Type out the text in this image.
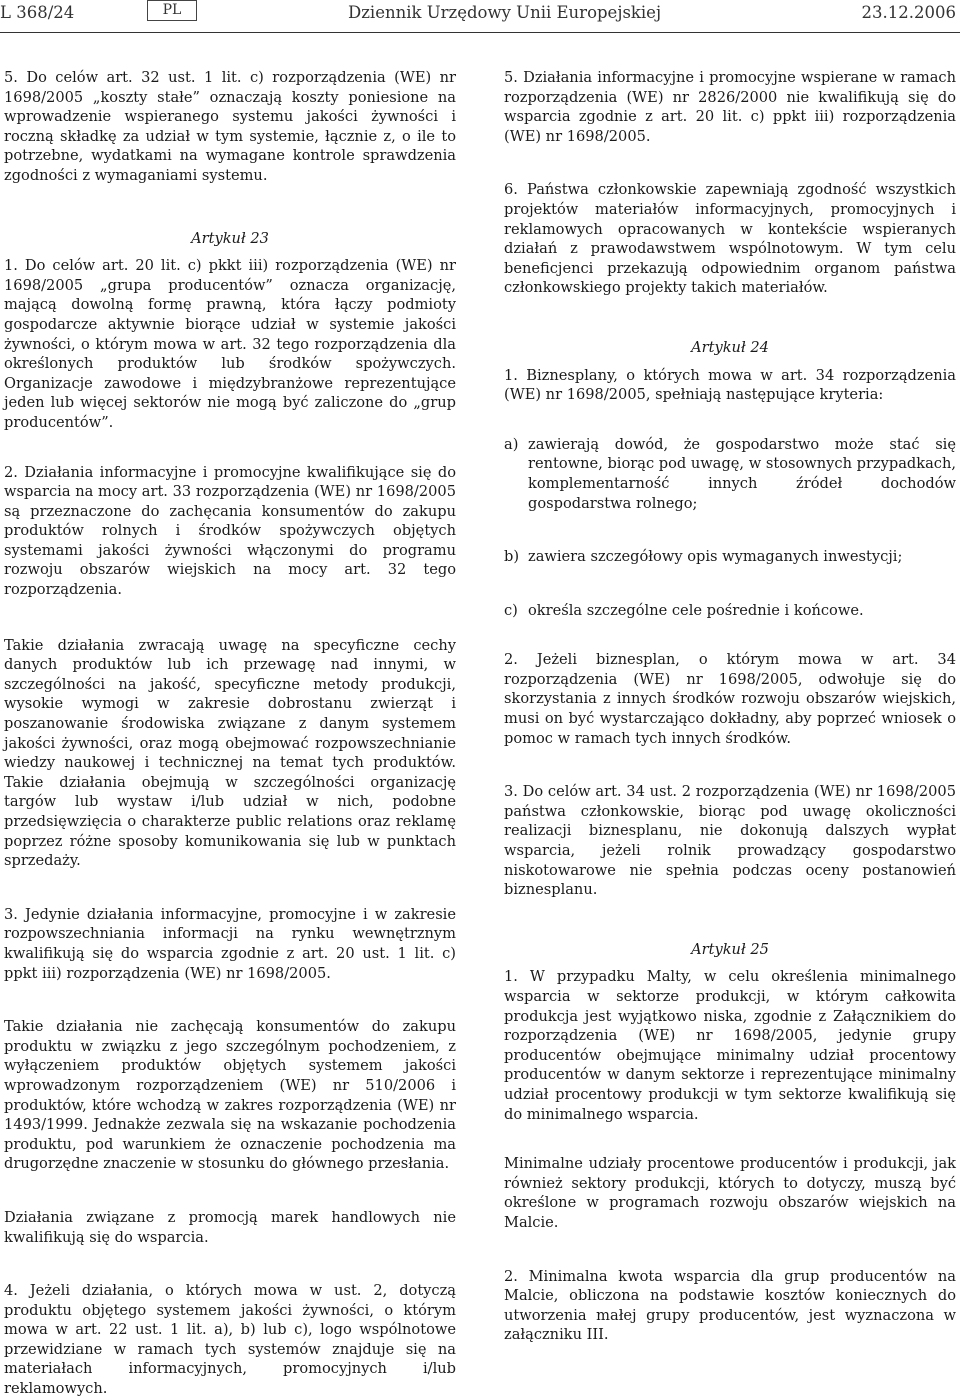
L 368/24	PL	Dziennik Urzędowy Unii Europejskiej	23.12.2006

5. Do celów art. 32 ust. 1 lit. c) rozporządzenia (WE) nr 1698/2005 „koszty stałe” oznaczają koszty poniesione na wprowadzenie wspieranego systemu jakości żywności i roczną składkę za udział w tym systemie, łącznie z, o ile to potrzebne, wydatkami na wymagane kontrole sprawdzenia zgodności z wymaganiami systemu.

Artykuł 23

1. Do celów art. 20 lit. c) pkkt iii) rozporządzenia (WE) nr 1698/2005 „grupa producentów” oznacza organizację, mającą dowolną formę prawną, która łączy podmioty gospodarcze aktywnie biorące udział w systemie jakości żywności, o którym mowa w art. 32 tego rozporządzenia dla określonych produktów lub środków spożywczych. Organizacje zawodowe i międzybranżowe reprezentujące jeden lub więcej sektorów nie mogą być zaliczone do „grup producentów”.

2. Działania informacyjne i promocyjne kwalifikujące się do wsparcia na mocy art. 33 rozporządzenia (WE) nr 1698/2005 są przeznaczone do zachęcania konsumentów do zakupu produktów rolnych i środków spożywczych objętych systemami jakości żywności włączonymi do programu rozwoju obszarów wiejskich na mocy art. 32 tego rozporządzenia.

Takie działania zwracają uwagę na specyficzne cechy danych produktów lub ich przewagę nad innymi, w szczególności na jakość, specyficzne metody produkcji, wysokie wymogi w zakresie dobrostanu zwierząt i poszanowanie środowiska związane z danym systemem jakości żywności, oraz mogą obejmować rozpowszechnianie wiedzy naukowej i technicznej na temat tych produktów. Takie działania obejmują w szczególności organizację targów lub wystaw i/lub udział w nich, podobne przedsięwzięcia o charakterze public relations oraz reklamę poprzez różne sposoby komunikowania się lub w punktach sprzedaży.

3. Jedynie działania informacyjne, promocyjne i w zakresie rozpowszechniania informacji na rynku wewnętrznym kwalifikują się do wsparcia zgodnie z art. 20 ust. 1 lit. c) ppkt iii) rozporządzenia (WE) nr 1698/2005.

Takie działania nie zachęcają konsumentów do zakupu produktu w związku z jego szczególnym pochodzeniem, z wyłączeniem produktów objętych systemem jakości wprowadzonym rozporządzeniem (WE) nr 510/2006 i produktów, które wchodzą w zakres rozporządzenia (WE) nr 1493/1999. Jednakże zezwala się na wskazanie pochodzenia produktu, pod warunkiem że oznaczenie pochodzenia ma drugorzędne znaczenie w stosunku do głównego przesłania.

Działania związane z promocją marek handlowych nie kwalifikują się do wsparcia.

4. Jeżeli działania, o których mowa w ust. 2, dotyczą produktu objętego systemem jakości żywności, o którym mowa w art. 22 ust. 1 lit. a), b) lub c), logo wspólnotowe przewidziane w ramach tych systemów znajduje się na materiałach informacyjnych, promocyjnych i/lub reklamowych.

5. Działania informacyjne i promocyjne wspierane w ramach rozporządzenia (WE) nr 2826/2000 nie kwalifikują się do wsparcia zgodnie z art. 20 lit. c) ppkt iii) rozporządzenia (WE) nr 1698/2005.

6. Państwa członkowskie zapewniają zgodność wszystkich projektów materiałów informacyjnych, promocyjnych i reklamowych opracowanych w kontekście wspieranych działań z prawodawstwem wspólnotowym. W tym celu beneficjenci przekazują odpowiednim organom państwa członkowskiego projekty takich materiałów.

Artykuł 24

1. Biznesplany, o których mowa w art. 34 rozporządzenia (WE) nr 1698/2005, spełniają następujące kryteria:

a) zawierają dowód, że gospodarstwo może stać się rentowne, biorąc pod uwagę, w stosownych przypadkach, komplementarność innych źródeł dochodów gospodarstwa rolnego;
b) zawiera szczegółowy opis wymaganych inwestycji;
c) określa szczególne cele pośrednie i końcowe.

2. Jeżeli biznesplan, o którym mowa w art. 34 rozporządzenia (WE) nr 1698/2005, odwołuje się do skorzystania z innych środków rozwoju obszarów wiejskich, musi on być wystarczająco dokładny, aby poprzeć wniosek o pomoc w ramach tych innych środków.

3. Do celów art. 34 ust. 2 rozporządzenia (WE) nr 1698/2005 państwa członkowskie, biorąc pod uwagę okoliczności realizacji biznesplanu, nie dokonują dalszych wypłat wsparcia, jeżeli rolnik prowadzący gospodarstwo niskotowarowe nie spełnia podczas oceny postanowień biznesplanu.

Artykuł 25

1. W przypadku Malty, w celu określenia minimalnego wsparcia w sektorze produkcji, w którym całkowita produkcja jest wyjątkowo niska, zgodnie z Załącznikiem do rozporządzenia (WE) nr 1698/2005, jedynie grupy producentów obejmujące minimalny udział procentowy producentów w danym sektorze i reprezentujące minimalny udział procentowy produkcji w tym sektorze kwalifikują się do minimalnego wsparcia.

Minimalne udziały procentowe producentów i produkcji, jak również sektory produkcji, których to dotyczy, muszą być określone w programach rozwoju obszarów wiejskich na Malcie.

2. Minimalna kwota wsparcia dla grup producentów na Malcie, obliczona na podstawie kosztów koniecznych do utworzenia małej grupy producentów, jest wyznaczona w załączniku III.
